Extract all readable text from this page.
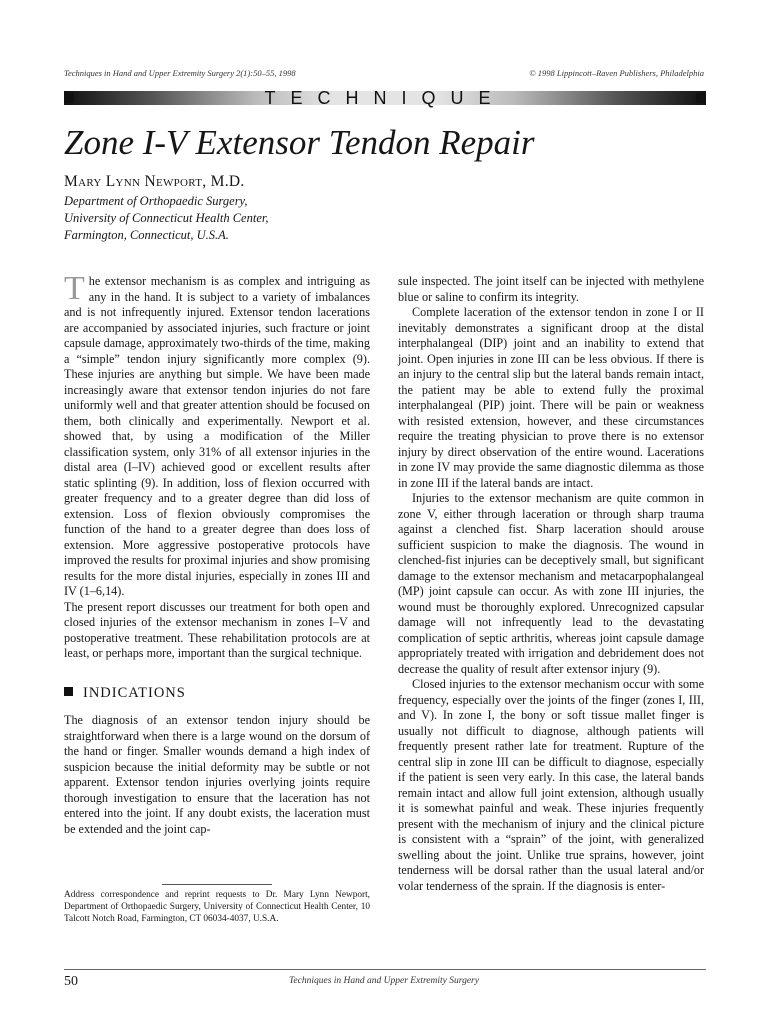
Techniques in Hand and Upper Extremity Surgery 2(1):50–55, 1998	© 1998 Lippincott–Raven Publishers, Philadelphia
TECHNIQUE
Zone I-V Extensor Tendon Repair
Mary Lynn Newport, M.D.
Department of Orthopaedic Surgery,
University of Connecticut Health Center,
Farmington, Connecticut, U.S.A.

The extensor mechanism is as complex and intriguing as any in the hand. It is subject to a variety of imbalances and is not infrequently injured. Extensor tendon lacerations are accompanied by associated injuries, such fracture or joint capsule damage, approximately two-thirds of the time, making a “simple” tendon injury significantly more complex (9). These injuries are anything but simple. We have been made increasingly aware that extensor tendon injuries do not fare uniformly well and that greater attention should be focused on them, both clinically and experimentally. Newport et al. showed that, by using a modification of the Miller classification system, only 31% of all extensor injuries in the distal area (I–IV) achieved good or excellent results after static splinting (9). In addition, loss of flexion occurred with greater frequency and to a greater degree than did loss of extension. Loss of flexion obviously compromises the function of the hand to a greater degree than does loss of extension. More aggressive postoperative protocols have improved the results for proximal injuries and show promising results for the more distal injuries, especially in zones III and IV (1–6,14).

The present report discusses our treatment for both open and closed injuries of the extensor mechanism in zones I–V and postoperative treatment. These rehabilitation protocols are at least, or perhaps more, important than the surgical technique.

INDICATIONS

The diagnosis of an extensor tendon injury should be straightforward when there is a large wound on the dorsum of the hand or finger. Smaller wounds demand a high index of suspicion because the initial deformity may be subtle or not apparent. Extensor tendon injuries overlying joints require thorough investigation to ensure that the laceration has not entered into the joint. If any doubt exists, the laceration must be extended and the joint cap-

Address correspondence and reprint requests to Dr. Mary Lynn Newport, Department of Orthopaedic Surgery, University of Connecticut Health Center, 10 Talcott Notch Road, Farmington, CT 06034-4037, U.S.A.

sule inspected. The joint itself can be injected with methylene blue or saline to confirm its integrity.

Complete laceration of the extensor tendon in zone I or II inevitably demonstrates a significant droop at the distal interphalangeal (DIP) joint and an inability to extend that joint. Open injuries in zone III can be less obvious. If there is an injury to the central slip but the lateral bands remain intact, the patient may be able to extend fully the proximal interphalangeal (PIP) joint. There will be pain or weakness with resisted extension, however, and these circumstances require the treating physician to prove there is no extensor injury by direct observation of the entire wound. Lacerations in zone IV may provide the same diagnostic dilemma as those in zone III if the lateral bands are intact.

Injuries to the extensor mechanism are quite common in zone V, either through laceration or through sharp trauma against a clenched fist. Sharp laceration should arouse sufficient suspicion to make the diagnosis. The wound in clenched-fist injuries can be deceptively small, but significant damage to the extensor mechanism and metacarpophalangeal (MP) joint capsule can occur. As with zone III injuries, the wound must be thoroughly explored. Unrecognized capsular damage will not infrequently lead to the devastating complication of septic arthritis, whereas joint capsule damage appropriately treated with irrigation and debridement does not decrease the quality of result after extensor injury (9).

Closed injuries to the extensor mechanism occur with some frequency, especially over the joints of the finger (zones I, III, and V). In zone I, the bony or soft tissue mallet finger is usually not difficult to diagnose, although patients will frequently present rather late for treatment. Rupture of the central slip in zone III can be difficult to diagnose, especially if the patient is seen very early. In this case, the lateral bands remain intact and allow full joint extension, although usually it is somewhat painful and weak. These injuries frequently present with the mechanism of injury and the clinical picture is consistent with a “sprain” of the joint, with generalized swelling about the joint. Unlike true sprains, however, joint tenderness will be dorsal rather than the usual lateral and/or volar tenderness of the sprain. If the diagnosis is enter-

50	Techniques in Hand and Upper Extremity Surgery
